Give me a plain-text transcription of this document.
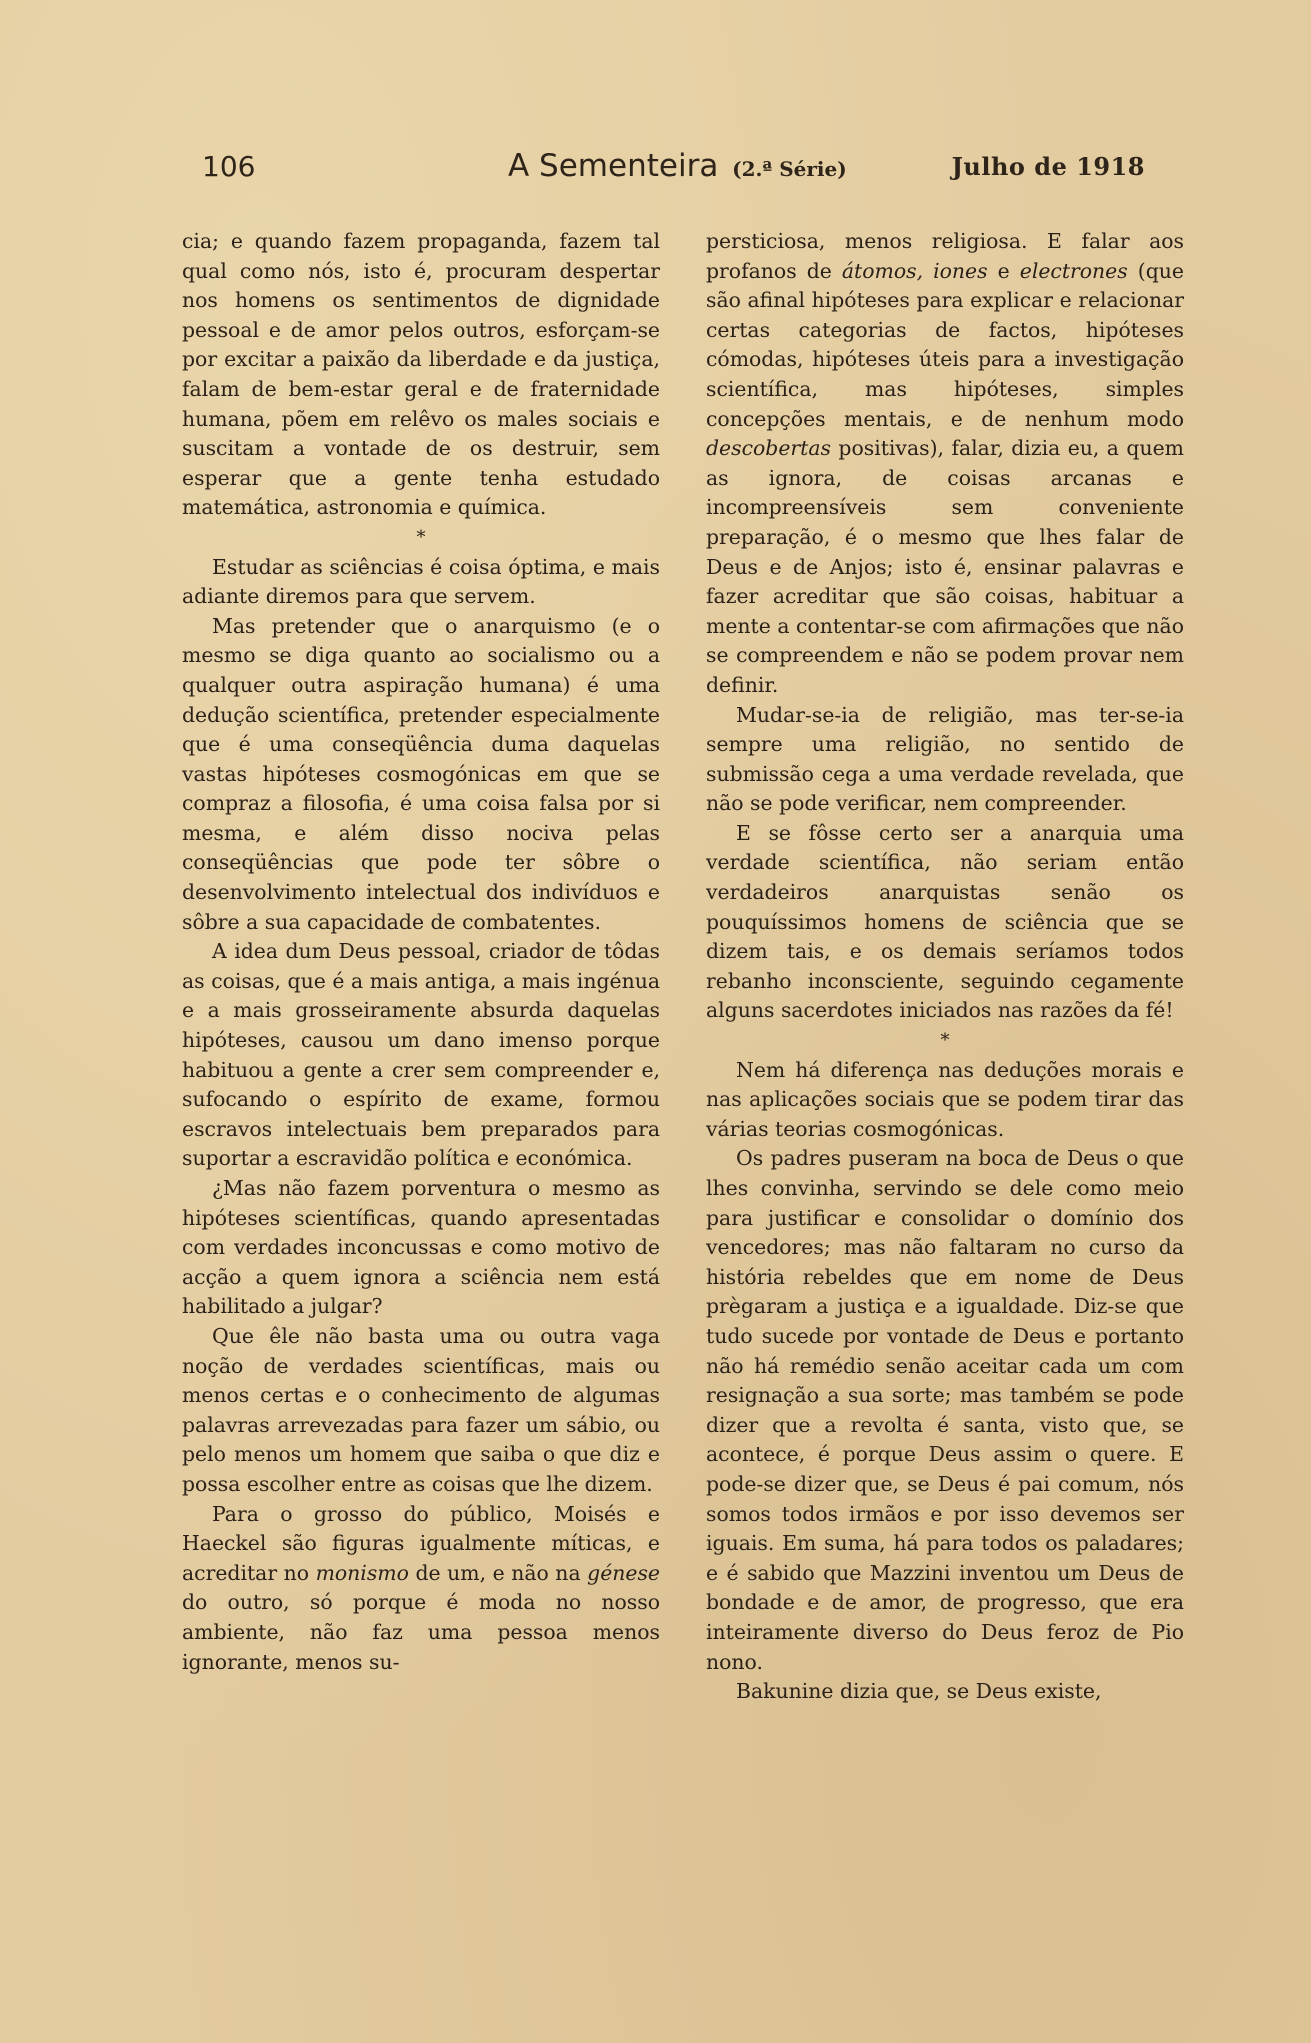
106	A Sementeira (2.ª Série)	Julho de 1918

cia; e quando fazem propaganda, fazem tal qual como nós, isto é, procuram despertar nos homens os sentimentos de dignidade pessoal e de amor pelos outros, esforçam-se por excitar a paixão da liberdade e da justiça, falam de bem-estar geral e de fraternidade humana, põem em relêvo os males sociais e suscitam a vontade de os destruir, sem esperar que a gente tenha estudado matemática, astronomia e química.

*

Estudar as sciências é coisa óptima, e mais adiante diremos para que servem.

Mas pretender que o anarquismo (e o mesmo se diga quanto ao socialismo ou a qualquer outra aspiração humana) é uma dedução scientífica, pretender especialmente que é uma conseqüência duma daquelas vastas hipóteses cosmogónicas em que se compraz a filosofia, é uma coisa falsa por si mesma, e além disso nociva pelas conseqüências que pode ter sôbre o desenvolvimento intelectual dos indivíduos e sôbre a sua capacidade de combatentes.

A idea dum Deus pessoal, criador de tôdas as coisas, que é a mais antiga, a mais ingénua e a mais grosseiramente absurda daquelas hipóteses, causou um dano imenso porque habituou a gente a crer sem compreender e, sufocando o espírito de exame, formou escravos intelectuais bem preparados para suportar a escravidão política e económica.

¿Mas não fazem porventura o mesmo as hipóteses scientíficas, quando apresentadas com verdades inconcussas e como motivo de acção a quem ignora a sciência nem está habilitado a julgar?

Que êle não basta uma ou outra vaga noção de verdades scientíficas, mais ou menos certas e o conhecimento de algumas palavras arrevezadas para fazer um sábio, ou pelo menos um homem que saiba o que diz e possa escolher entre as coisas que lhe dizem.

Para o grosso do público, Moisés e Haeckel são figuras igualmente míticas, e acreditar no monismo de um, e não na génese do outro, só porque é moda no nosso ambiente, não faz uma pessoa menos ignorante, menos su-

persticiosa, menos religiosa. E falar aos profanos de átomos, iones e electrones (que são afinal hipóteses para explicar e relacionar certas categorias de factos, hipóteses cómodas, hipóteses úteis para a investigação scientífica, mas hipóteses, simples concepções mentais, e de nenhum modo descobertas positivas), falar, dizia eu, a quem as ignora, de coisas arcanas e incompreensíveis sem conveniente preparação, é o mesmo que lhes falar de Deus e de Anjos; isto é, ensinar palavras e fazer acreditar que são coisas, habituar a mente a contentar-se com afirmações que não se compreendem e não se podem provar nem definir.

Mudar-se-ia de religião, mas ter-se-ia sempre uma religião, no sentido de submissão cega a uma verdade revelada, que não se pode verificar, nem compreender.

E se fôsse certo ser a anarquia uma verdade scientífica, não seriam então verdadeiros anarquistas senão os pouquíssimos homens de sciência que se dizem tais, e os demais seríamos todos rebanho inconsciente, seguindo cegamente alguns sacerdotes iniciados nas razões da fé!

*

Nem há diferença nas deduções morais e nas aplicações sociais que se podem tirar das várias teorias cosmogónicas.

Os padres puseram na boca de Deus o que lhes convinha, servindo se dele como meio para justificar e consolidar o domínio dos vencedores; mas não faltaram no curso da história rebeldes que em nome de Deus prègaram a justiça e a igualdade. Diz-se que tudo sucede por vontade de Deus e portanto não há remédio senão aceitar cada um com resignação a sua sorte; mas também se pode dizer que a revolta é santa, visto que, se acontece, é porque Deus assim o quere. E pode-se dizer que, se Deus é pai comum, nós somos todos irmãos e por isso devemos ser iguais. Em suma, há para todos os paladares; e é sabido que Mazzini inventou um Deus de bondade e de amor, de progresso, que era inteiramente diverso do Deus feroz de Pio nono.

Bakunine dizia que, se Deus existe,
